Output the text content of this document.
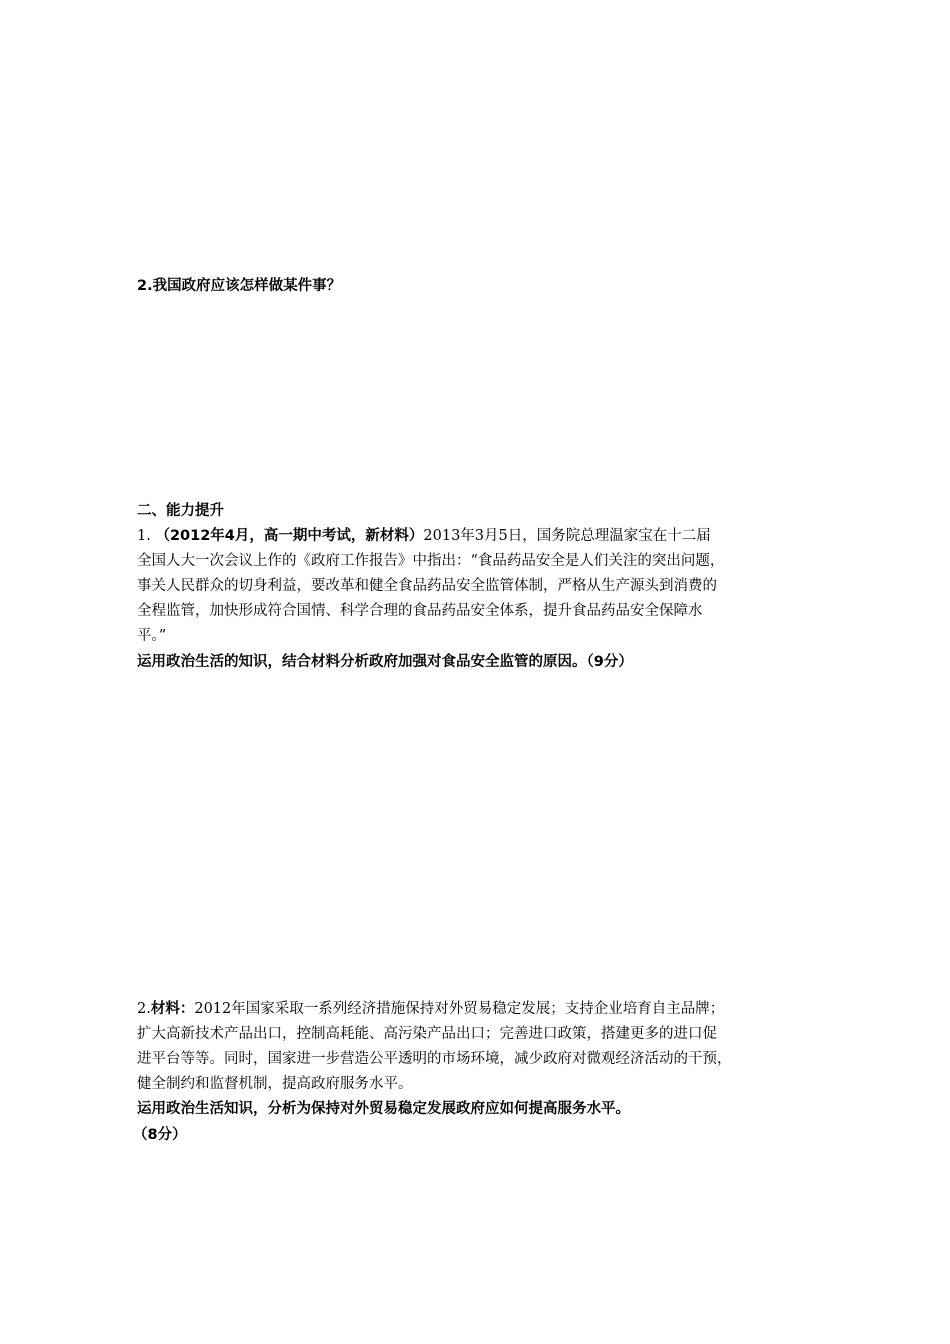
2.我国政府应该怎样做某件事？
二、能力提升
1. （2012年4月，高一期中考试，新材料）2013年3月5日，国务院总理温家宝在十二届
全国人大一次会议上作的《政府工作报告》中指出：“食品药品安全是人们关注的突出问题，
事关人民群众的切身利益，要改革和健全食品药品安全监管体制，严格从生产源头到消费的
全程监管，加快形成符合国情、科学合理的食品药品安全体系，提升食品药品安全保障水
平。”
运用政治生活的知识，结合材料分析政府加强对食品安全监管的原因。（9分）
2.材料：2012年国家采取一系列经济措施保持对外贸易稳定发展；支持企业培育自主品牌；
扩大高新技术产品出口，控制高耗能、高污染产品出口；完善进口政策，搭建更多的进口促
进平台等等。同时，国家进一步营造公平透明的市场环境，减少政府对微观经济活动的干预，
健全制约和监督机制，提高政府服务水平。
运用政治生活知识，分析为保持对外贸易稳定发展政府应如何提高服务水平。
（8分）
